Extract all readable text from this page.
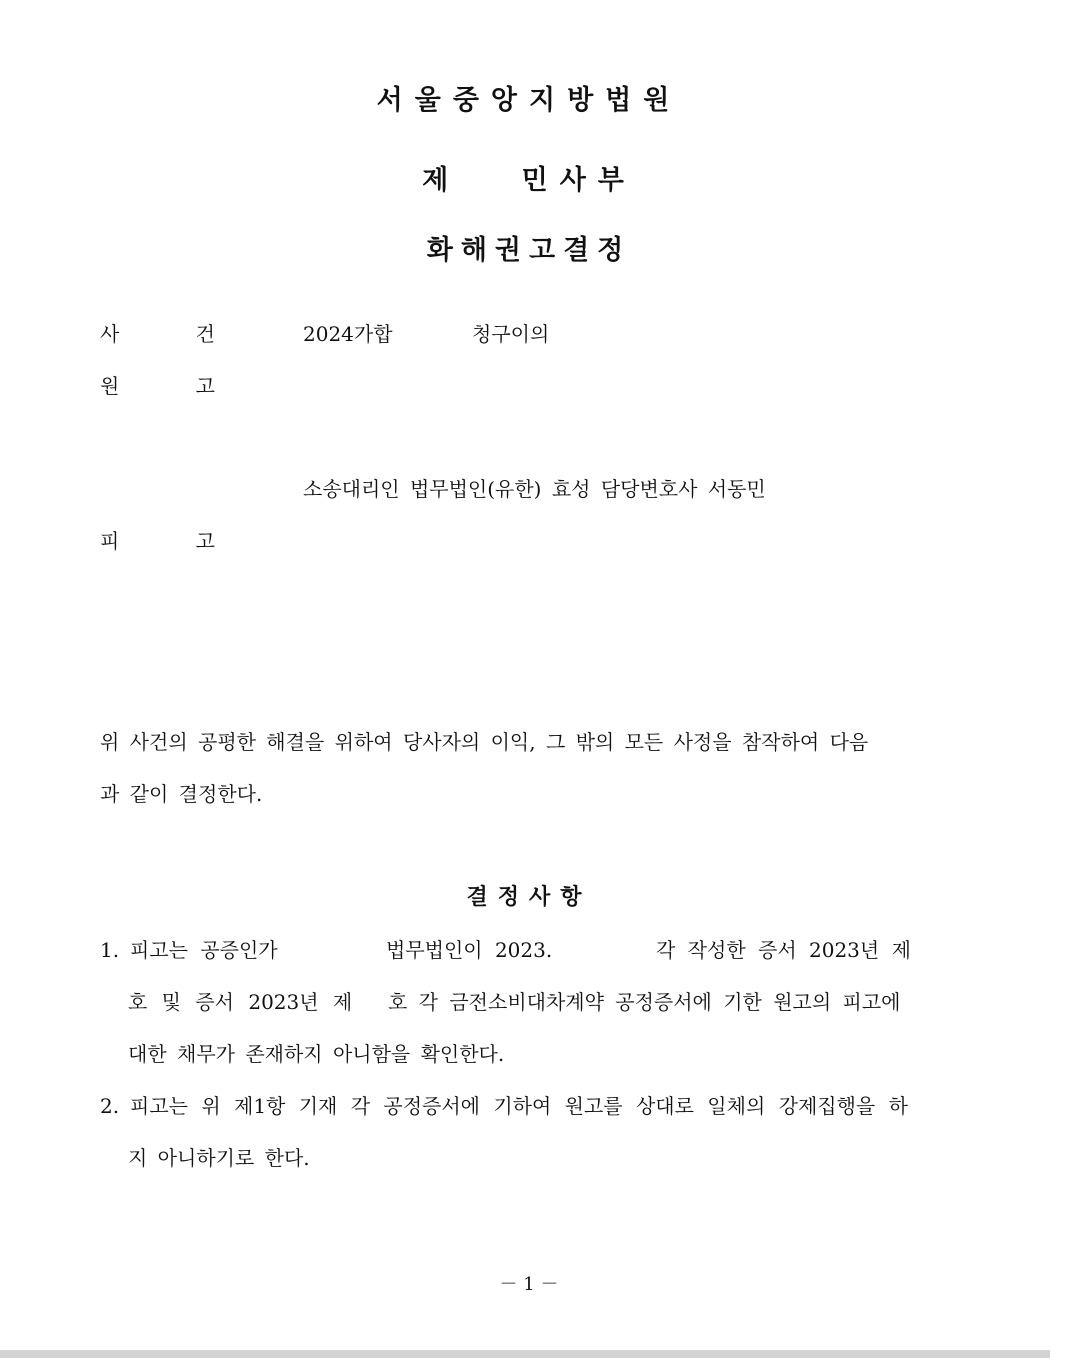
서울중앙지방법원
제 민사부
화해권고결정
사 건	2024가합	청구이의
원 고
소송대리인 법무법인(유한) 효성 담당변호사 서동민
피 고
위 사건의 공평한 해결을 위하여 당사자의 이익, 그 밖의 모든 사정을 참작하여 다음
과 같이 결정한다.
결정사항
1. 피고는 공증인가	법무법인이 2023.	각 작성한 증서 2023년 제
호 및 증서 2023년 제 호 각 금전소비대차계약 공정증서에 기한 원고의 피고에
대한 채무가 존재하지 아니함을 확인한다.
2. 피고는 위 제1항 기재 각 공정증서에 기하여 원고를 상대로 일체의 강제집행을 하
지 아니하기로 한다.
－ 1 －
